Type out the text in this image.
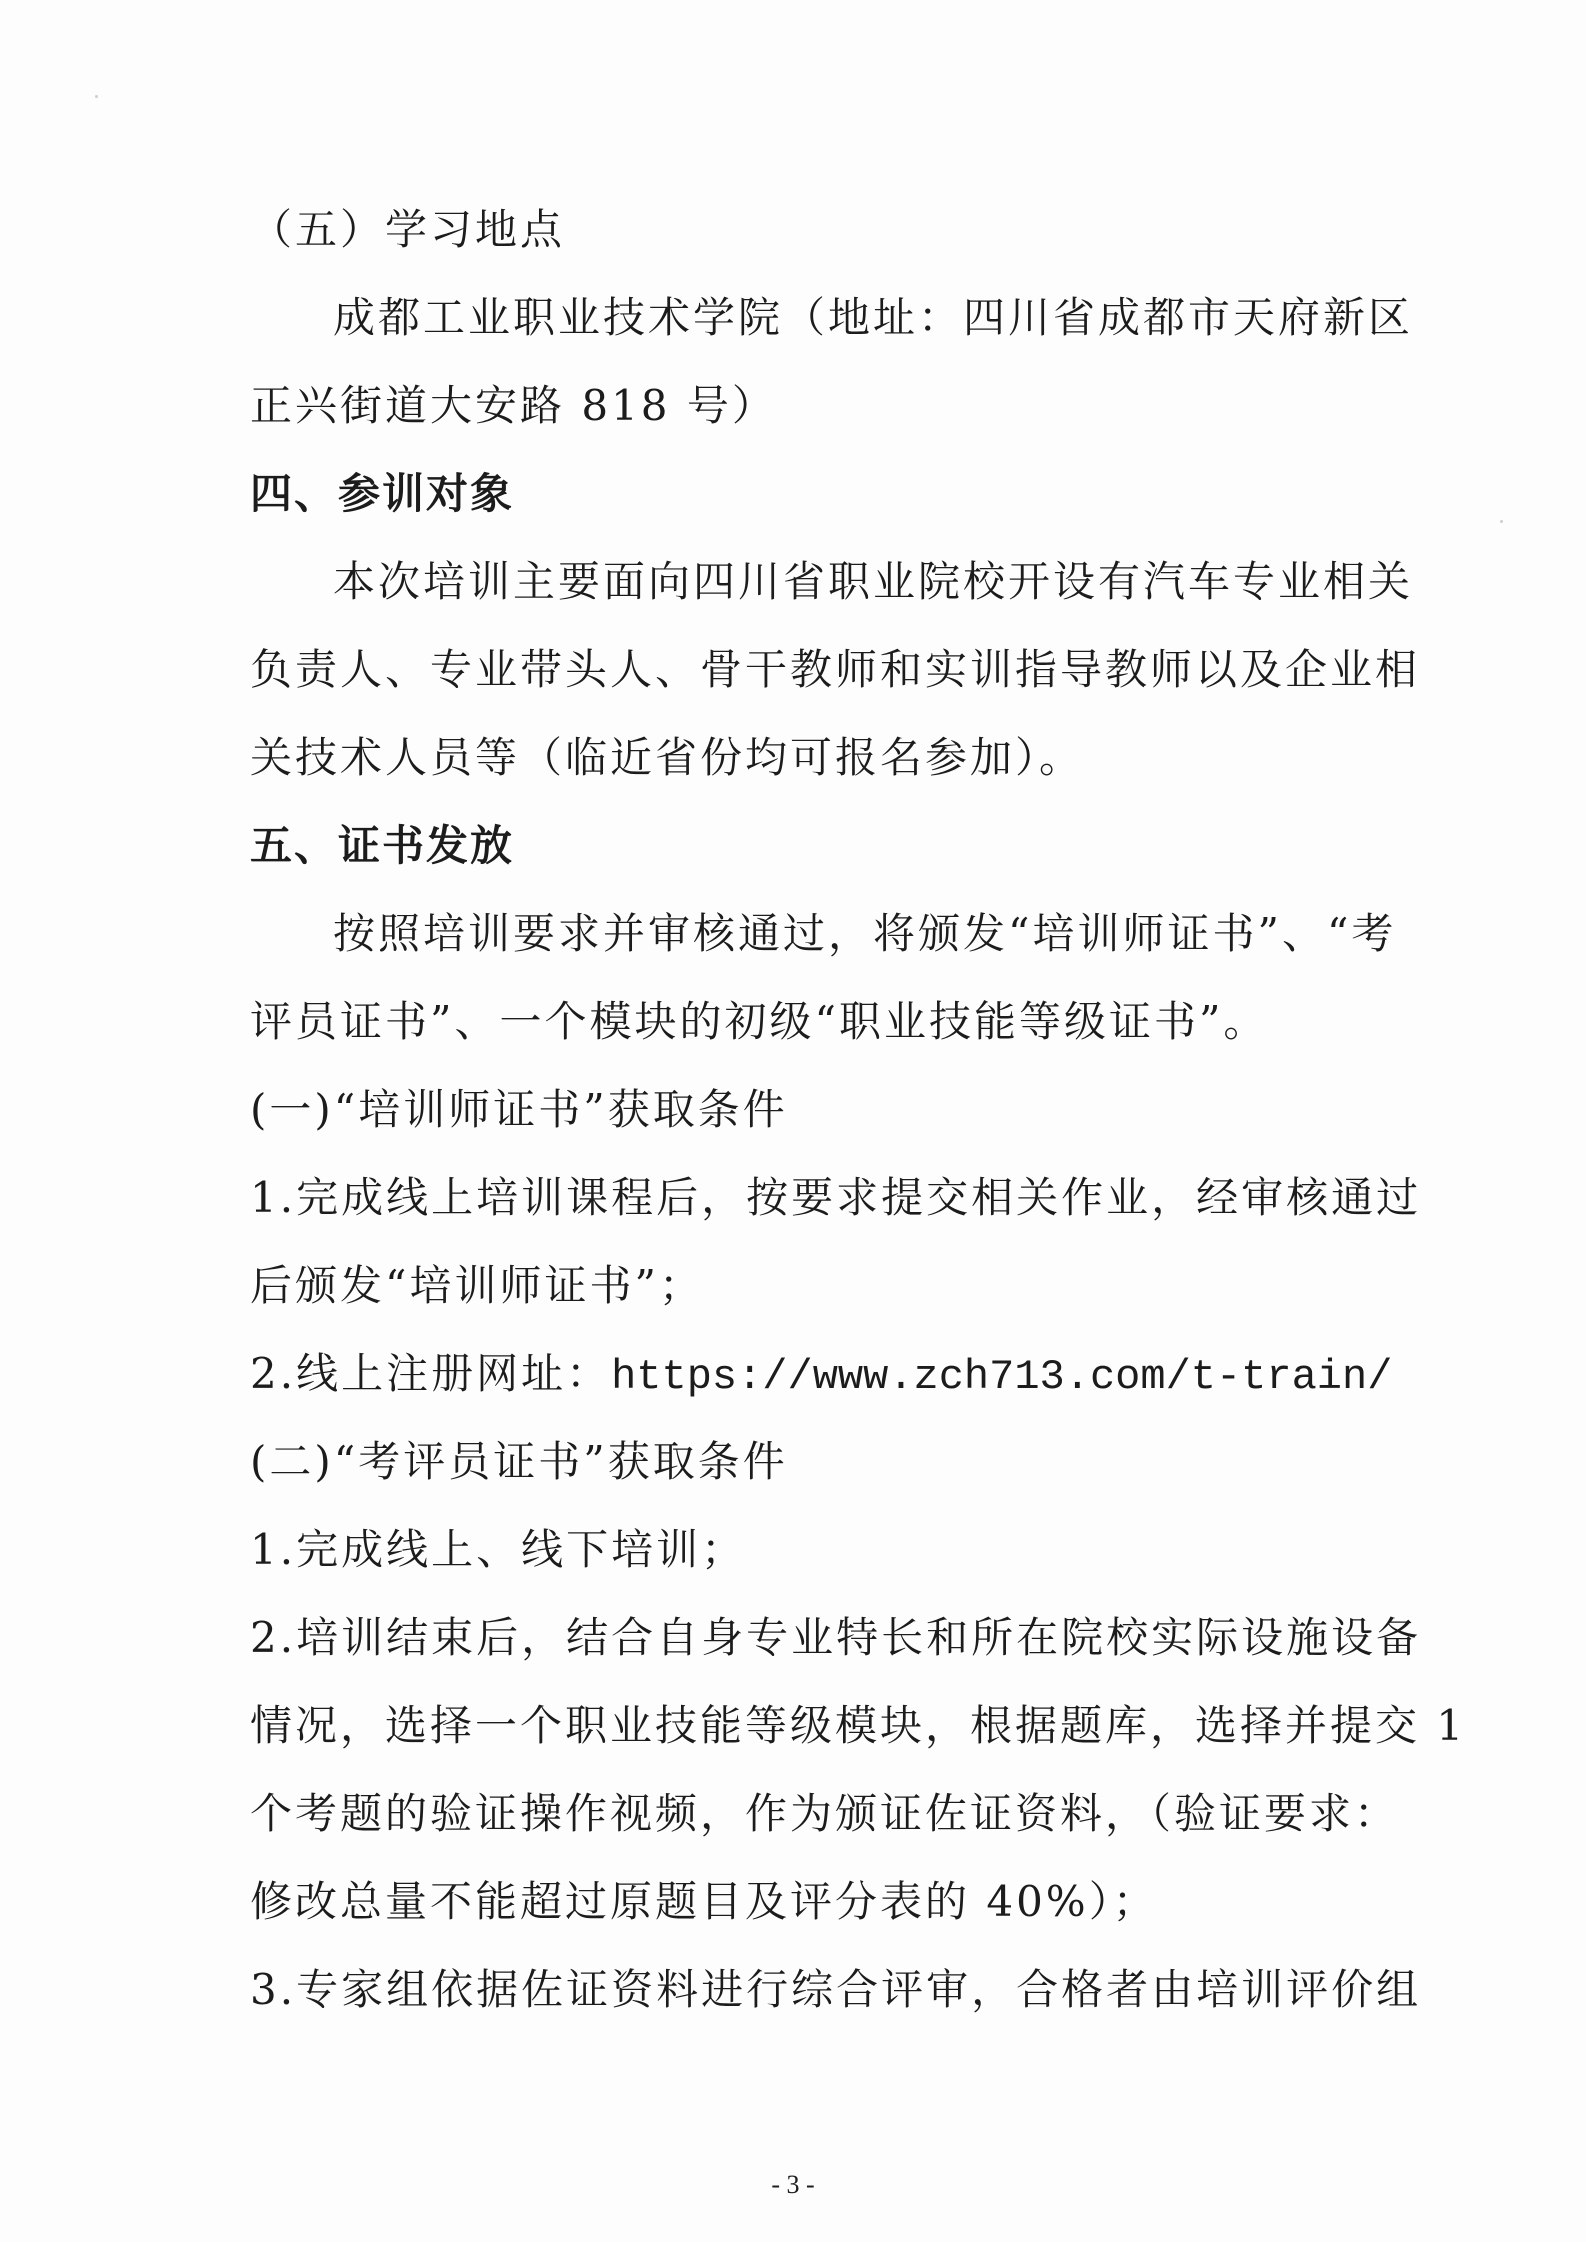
（五）学习地点
成都工业职业技术学院（地址：四川省成都市天府新区
正兴街道大安路 818 号）
四、参训对象
本次培训主要面向四川省职业院校开设有汽车专业相关
负责人、专业带头人、骨干教师和实训指导教师以及企业相
关技术人员等（临近省份均可报名参加）。
五、证书发放
按照培训要求并审核通过，将颁发“培训师证书”、“考
评员证书”、一个模块的初级“职业技能等级证书”。
(一)“培训师证书”获取条件
1.完成线上培训课程后，按要求提交相关作业，经审核通过
后颁发“培训师证书”；
2.线上注册网址：https://www.zch713.com/t-train/
(二)“考评员证书”获取条件
1.完成线上、线下培训；
2.培训结束后，结合自身专业特长和所在院校实际设施设备
情况，选择一个职业技能等级模块，根据题库，选择并提交 1
个考题的验证操作视频，作为颁证佐证资料，（验证要求：
修改总量不能超过原题目及评分表的 40%）；
3.专家组依据佐证资料进行综合评审，合格者由培训评价组
- 3 -
